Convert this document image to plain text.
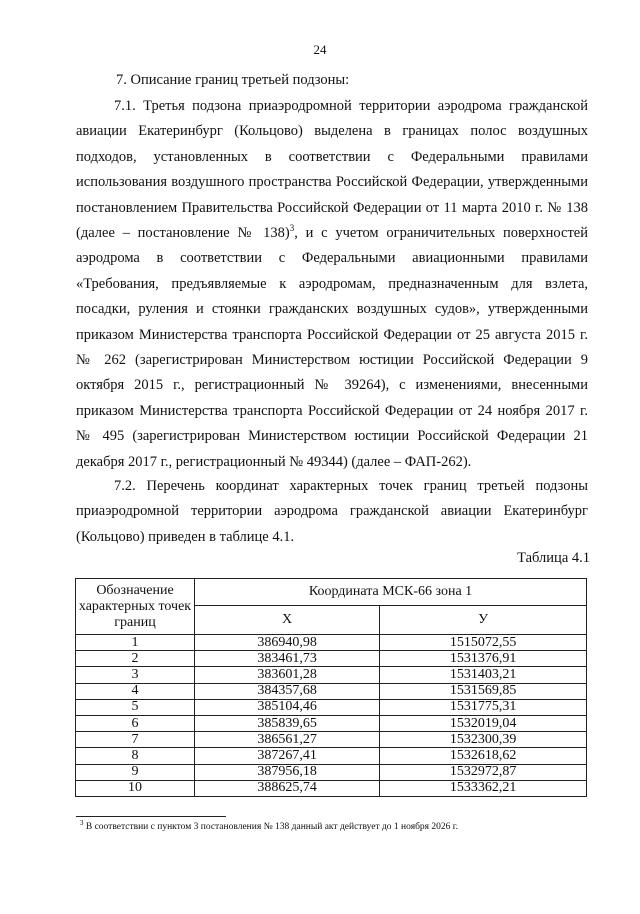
24
7. Описание границ третьей подзоны:

7.1. Третья подзона приаэродромной территории аэродрома гражданской авиации Екатеринбург (Кольцово) выделена в границах полос воздушных подходов, установленных в соответствии с Федеральными правилами использования воздушного пространства Российской Федерации, утвержденными постановлением Правительства Российской Федерации от 11 марта 2010 г. № 138 (далее – постановление № 138)$^3$, и с учетом ограничительных поверхностей аэродрома в соответствии с Федеральными авиационными правилами «Требования, предъявляемые к аэродромам, предназначенным для взлета, посадки, руления и стоянки гражданских воздушных судов», утвержденными приказом Министерства транспорта Российской Федерации от 25 августа 2015 г. № 262 (зарегистрирован Министерством юстиции Российской Федерации 9 октября 2015 г., регистрационный № 39264), с изменениями, внесенными приказом Министерства транспорта Российской Федерации от 24 ноября 2017 г. № 495 (зарегистрирован Министерством юстиции Российской Федерации 21 декабря 2017 г., регистрационный № 49344) (далее – ФАП-262).

7.2. Перечень координат характерных точек границ третьей подзоны приаэродромной территории аэродрома гражданской авиации Екатеринбург (Кольцово) приведен в таблице 4.1.

Таблица 4.1
Обозначение характерных точек границ	Координата МСК-66 зона 1	
	X	У
1	386940,98	1515072,55
2	383461,73	1531376,91
3	383601,28	1531403,21
4	384357,68	1531569,85
5	385104,46	1531775,31
6	385839,65	1532019,04
7	386561,27	1532300,39
8	387267,41	1532618,62
9	387956,18	1532972,87
10	388625,74	1533362,21
$^3$ В соответствии с пунктом 3 постановления № 138 данный акт действует до 1 ноября 2026 г.
